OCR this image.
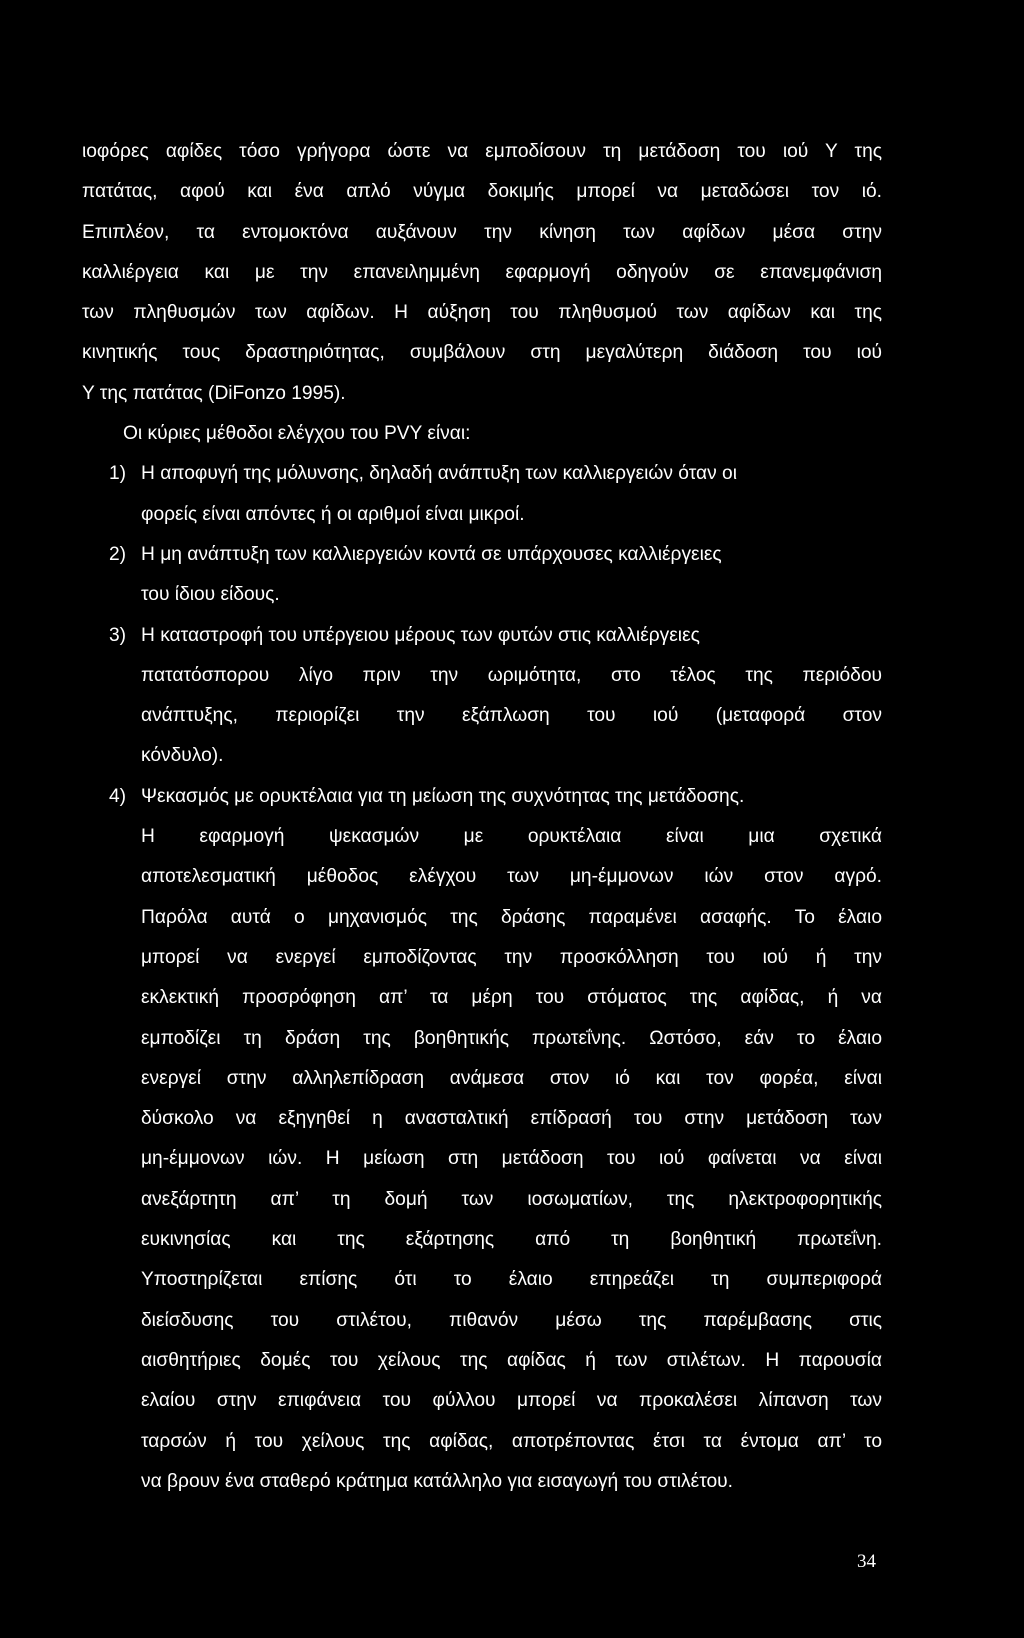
ιοφόρες αφίδες τόσο γρήγορα ώστε να εμποδίσουν τη μετάδοση του ιού Υ της
πατάτας, αφού και ένα απλό νύγμα δοκιμής μπορεί να μεταδώσει τον ιό.
Επιπλέον, τα εντομοκτόνα αυξάνουν την κίνηση των αφίδων μέσα στην
καλλιέργεια και με την επανειλημμένη εφαρμογή οδηγούν σε επανεμφάνιση
των πληθυσμών των αφίδων. Η αύξηση του πληθυσμού των αφίδων και της
κινητικής τους δραστηριότητας, συμβάλουν στη μεγαλύτερη διάδοση του ιού
Υ της πατάτας (DiFonzo 1995).
Οι κύριες μέθοδοι ελέγχου του PVY είναι:
1) Η αποφυγή της μόλυνσης, δηλαδή ανάπτυξη των καλλιεργειών όταν οι
φορείς είναι απόντες ή οι αριθμοί είναι μικροί.
2) Η μη ανάπτυξη των καλλιεργειών κοντά σε υπάρχουσες καλλιέργειες
του ίδιου είδους.
3) Η καταστροφή του υπέργειου μέρους των φυτών στις καλλιέργειες
πατατόσπορου λίγο πριν την ωριμότητα, στο τέλος της περιόδου
ανάπτυξης, περιορίζει την εξάπλωση του ιού (μεταφορά στον
κόνδυλο).
4) Ψεκασμός με ορυκτέλαια για τη μείωση της συχνότητας της μετάδοσης.
Η εφαρμογή ψεκασμών με ορυκτέλαια είναι μια σχετικά
αποτελεσματική μέθοδος ελέγχου των μη-έμμονων ιών στον αγρό.
Παρόλα αυτά ο μηχανισμός της δράσης παραμένει ασαφής. Το έλαιο
μπορεί να ενεργεί εμποδίζοντας την προσκόλληση του ιού ή την
εκλεκτική προσρόφηση απ’ τα μέρη του στόματος της αφίδας, ή να
εμποδίζει τη δράση της βοηθητικής πρωτεΐνης. Ωστόσο, εάν το έλαιο
ενεργεί στην αλληλεπίδραση ανάμεσα στον ιό και τον φορέα, είναι
δύσκολο να εξηγηθεί η ανασταλτική επίδρασή του στην μετάδοση των
μη-έμμονων ιών. Η μείωση στη μετάδοση του ιού φαίνεται να είναι
ανεξάρτητη απ’ τη δομή των ιοσωματίων, της ηλεκτροφορητικής
ευκινησίας και της εξάρτησης από τη βοηθητική πρωτεΐνη.
Υποστηρίζεται επίσης ότι το έλαιο επηρεάζει τη συμπεριφορά
διείσδυσης του στιλέτου, πιθανόν μέσω της παρέμβασης στις
αισθητήριες δομές του χείλους της αφίδας ή των στιλέτων. Η παρουσία
ελαίου στην επιφάνεια του φύλλου μπορεί να προκαλέσει λίπανση των
ταρσών ή του χείλους της αφίδας, αποτρέποντας έτσι τα έντομα απ’ το
να βρουν ένα σταθερό κράτημα κατάλληλο για εισαγωγή του στιλέτου.
34
